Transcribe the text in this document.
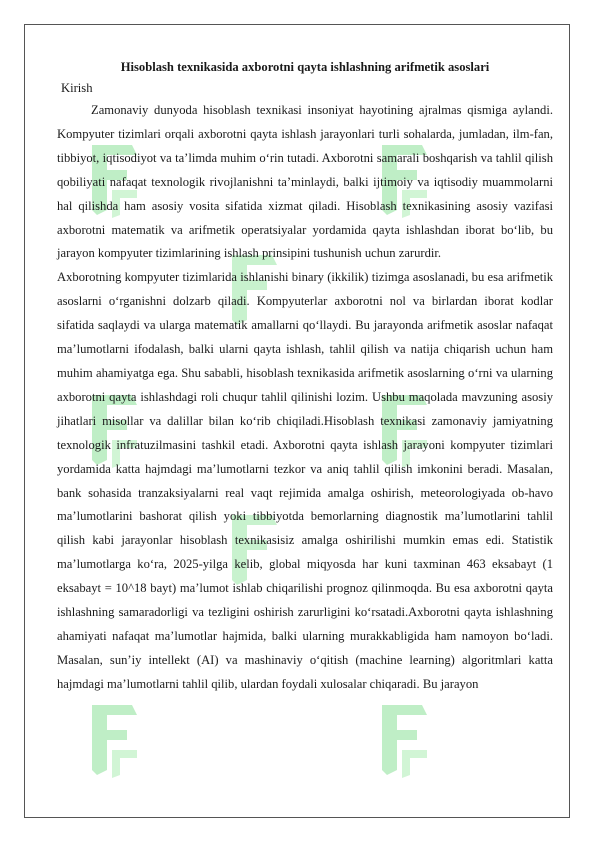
Hisoblash texnikasida axborotni qayta ishlashning arifmetik asoslari

Kirish

Zamonaviy dunyoda hisoblash texnikasi insoniyat hayotining ajralmas qismiga aylandi. Kompyuter tizimlari orqali axborotni qayta ishlash jarayonlari turli sohalarda, jumladan, ilm-fan, tibbiyot, iqtisodiyot va ta’limda muhim o‘rin tutadi. Axborotni samarali boshqarish va tahlil qilish qobiliyati nafaqat texnologik rivojlanishni ta’minlaydi, balki ijtimoiy va iqtisodiy muammolarni hal qilishda ham asosiy vosita sifatida xizmat qiladi. Hisoblash texnikasining asosiy vazifasi axborotni matematik va arifmetik operatsiyalar yordamida qayta ishlashdan iborat bo‘lib, bu jarayon kompyuter tizimlarining ishlash prinsipini tushunish uchun zarurdir.

Axborotning kompyuter tizimlarida ishlanishi binary (ikkilik) tizimga asoslanadi, bu esa arifmetik asoslarni o‘rganishni dolzarb qiladi. Kompyuterlar axborotni nol va birlardan iborat kodlar sifatida saqlaydi va ularga matematik amallarni qo‘llaydi. Bu jarayonda arifmetik asoslar nafaqat ma’lumotlarni ifodalash, balki ularni qayta ishlash, tahlil qilish va natija chiqarish uchun ham muhim ahamiyatga ega. Shu sababli, hisoblash texnikasida arifmetik asoslarning o‘rni va ularning axborotni qayta ishlashdagi roli chuqur tahlil qilinishi lozim. Ushbu maqolada mavzuning asosiy jihatlari misollar va dalillar bilan ko‘rib chiqiladi.Hisoblash texnikasi zamonaviy jamiyatning texnologik infratuzilmasini tashkil etadi. Axborotni qayta ishlash jarayoni kompyuter tizimlari yordamida katta hajmdagi ma’lumotlarni tezkor va aniq tahlil qilish imkonini beradi. Masalan, bank sohasida tranzaksiyalarni real vaqt rejimida amalga oshirish, meteorologiyada ob-havo ma’lumotlarini bashorat qilish yoki tibbiyotda bemorlarning diagnostik ma’lumotlarini tahlil qilish kabi jarayonlar hisoblash texnikasisiz amalga oshirilishi mumkin emas edi. Statistik ma’lumotlarga ko‘ra, 2025-yilga kelib, global miqyosda har kuni taxminan 463 eksabayt (1 eksabayt = 10^18 bayt) ma’lumot ishlab chiqarilishi prognoz qilinmoqda. Bu esa axborotni qayta ishlashning samaradorligi va tezligini oshirish zarurligini ko‘rsatadi.Axborotni qayta ishlashning ahamiyati nafaqat ma’lumotlar hajmida, balki ularning murakkabligida ham namoyon bo‘ladi. Masalan, sun’iy intellekt (AI) va mashinaviy o‘qitish (machine learning) algoritmlari katta hajmdagi ma’lumotlarni tahlil qilib, ulardan foydali xulosalar chiqaradi. Bu jarayon
